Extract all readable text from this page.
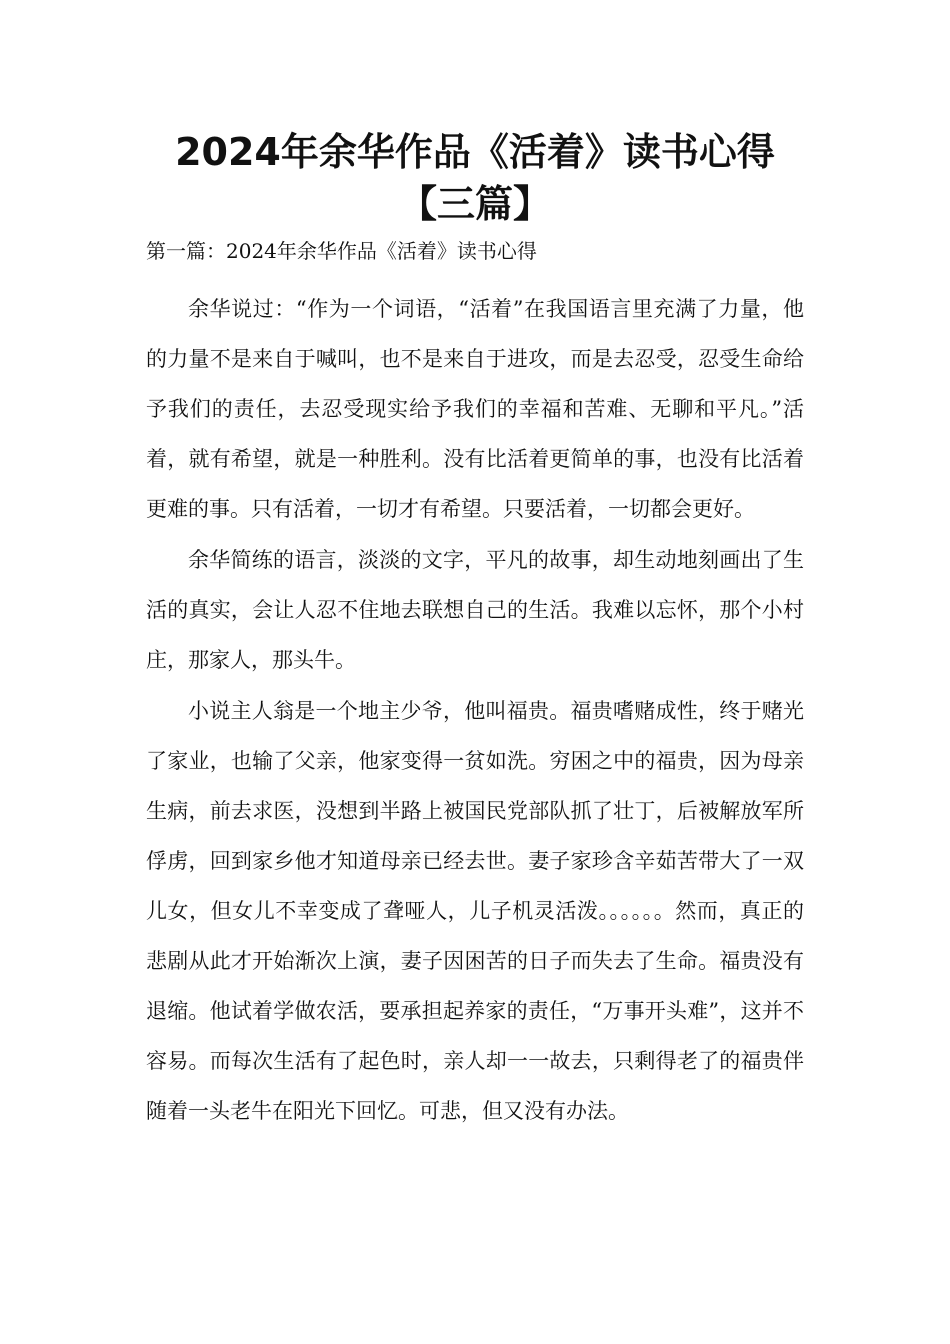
2024年余华作品《活着》读书心得【三篇】
第一篇：2024年余华作品《活着》读书心得

余华说过：“作为一个词语，“活着”在我国语言里充满了力量，他的力量不是来自于喊叫，也不是来自于进攻，而是去忍受，忍受生命给予我们的责任，去忍受现实给予我们的幸福和苦难、无聊和平凡。”活着，就有希望，就是一种胜利。没有比活着更简单的事，也没有比活着更难的事。只有活着，一切才有希望。只要活着，一切都会更好。

余华简练的语言，淡淡的文字，平凡的故事，却生动地刻画出了生活的真实，会让人忍不住地去联想自己的生活。我难以忘怀，那个小村庄，那家人，那头牛。

小说主人翁是一个地主少爷，他叫福贵。福贵嗜赌成性，终于赌光了家业，也输了父亲，他家变得一贫如洗。穷困之中的福贵，因为母亲生病，前去求医，没想到半路上被国民党部队抓了壮丁，后被解放军所俘虏，回到家乡他才知道母亲已经去世。妻子家珍含辛茹苦带大了一双儿女，但女儿不幸变成了聋哑人，儿子机灵活泼。。。。。。然而，真正的悲剧从此才开始渐次上演，妻子因困苦的日子而失去了生命。福贵没有退缩。他试着学做农活，要承担起养家的责任，“万事开头难”，这并不容易。而每次生活有了起色时，亲人却一一故去，只剩得老了的福贵伴随着一头老牛在阳光下回忆。可悲，但又没有办法。
